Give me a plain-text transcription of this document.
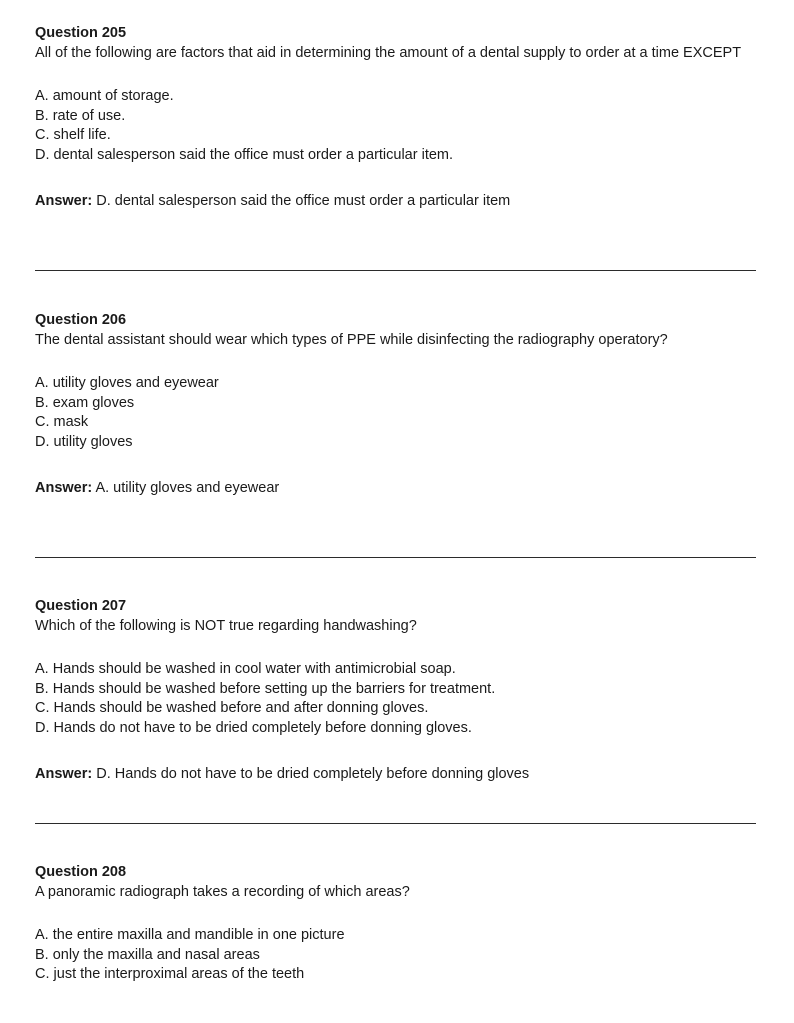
Question 205

All of the following are factors that aid in determining the amount of a dental supply to order at a time EXCEPT

A. amount of storage.

B. rate of use.

C. shelf life.

D. dental salesperson said the office must order a particular item.

Answer: D. dental salesperson said the office must order a particular item

Question 206

The dental assistant should wear which types of PPE while disinfecting the radiography operatory?

A. utility gloves and eyewear

B. exam gloves

C. mask

D. utility gloves

Answer: A. utility gloves and eyewear

Question 207

Which of the following is NOT true regarding handwashing?

A. Hands should be washed in cool water with antimicrobial soap.

B. Hands should be washed before setting up the barriers for treatment.

C. Hands should be washed before and after donning gloves.

D. Hands do not have to be dried completely before donning gloves.

Answer: D. Hands do not have to be dried completely before donning gloves

Question 208

A panoramic radiograph takes a recording of which areas?

A. the entire maxilla and mandible in one picture

B. only the maxilla and nasal areas

C. just the interproximal areas of the teeth
